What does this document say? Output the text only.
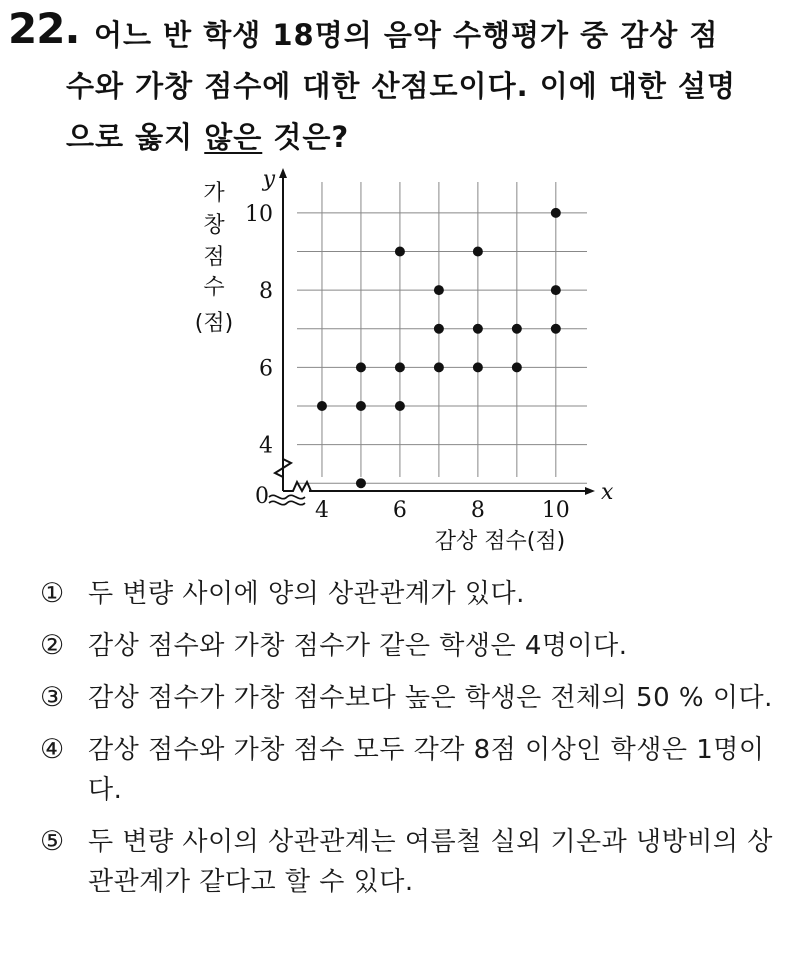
22. 어느 반 학생 18명의 음악 수행평가 중 감상 점
수와 가창 점수에 대한 산점도이다. 이에 대한 설명
으로 옳지 않은 것은?
4	6	8	10
4
6
8
10
0	x
y
감상 점수(점)
가
창
점
수
(점)
① 두 변량 사이에 양의 상관관계가 있다.
② 감상 점수와 가창 점수가 같은 학생은 4명이다.
③ 감상 점수가 가창 점수보다 높은 학생은 전체의 50 % 이다.
④ 감상 점수와 가창 점수 모두 각각 8점 이상인 학생은 1명이다.
⑤ 두 변량 사이의 상관관계는 여름철 실외 기온과 냉방비의 상관관계가 같다고 할 수 있다.
